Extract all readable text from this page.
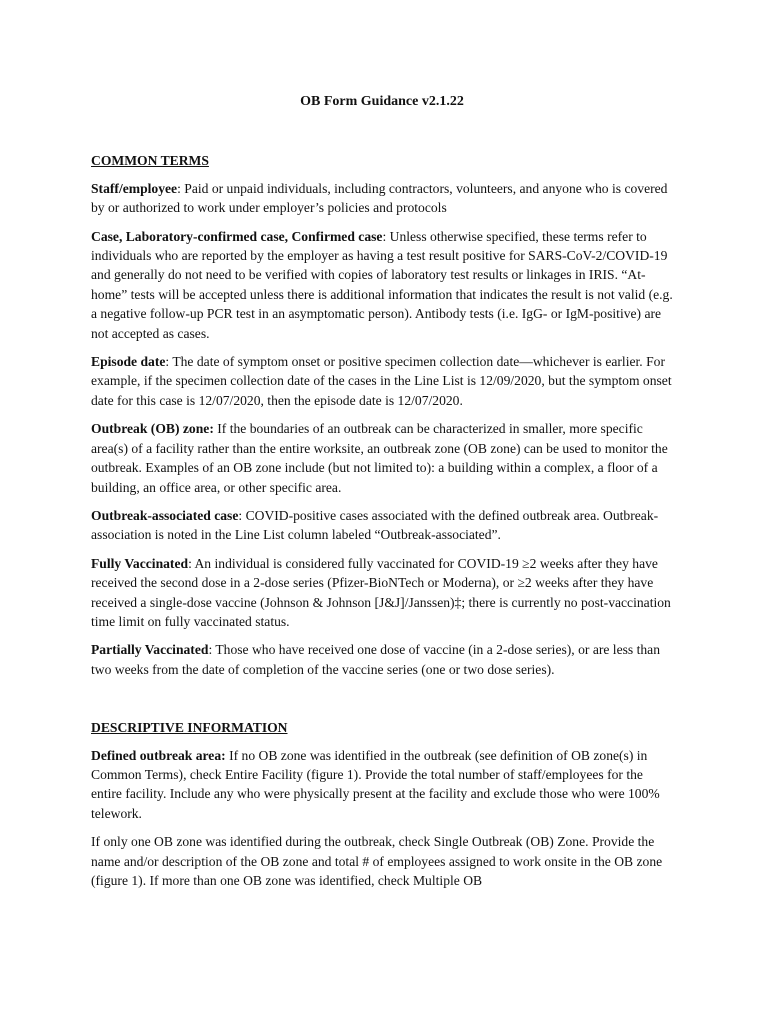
OB Form Guidance v2.1.22
COMMON TERMS

Staff/employee: Paid or unpaid individuals, including contractors, volunteers, and anyone who is covered by or authorized to work under employer’s policies and protocols

Case, Laboratory-confirmed case, Confirmed case: Unless otherwise specified, these terms refer to individuals who are reported by the employer as having a test result positive for SARS-CoV-2/COVID-19 and generally do not need to be verified with copies of laboratory test results or linkages in IRIS. “At-home” tests will be accepted unless there is additional information that indicates the result is not valid (e.g. a negative follow-up PCR test in an asymptomatic person). Antibody tests (i.e. IgG- or IgM-positive) are not accepted as cases.

Episode date: The date of symptom onset or positive specimen collection date—whichever is earlier. For example, if the specimen collection date of the cases in the Line List is 12/09/2020, but the symptom onset date for this case is 12/07/2020, then the episode date is 12/07/2020.

Outbreak (OB) zone: If the boundaries of an outbreak can be characterized in smaller, more specific area(s) of a facility rather than the entire worksite, an outbreak zone (OB zone) can be used to monitor the outbreak. Examples of an OB zone include (but not limited to): a building within a complex, a floor of a building, an office area, or other specific area.

Outbreak-associated case: COVID-positive cases associated with the defined outbreak area. Outbreak-association is noted in the Line List column labeled “Outbreak-associated”.

Fully Vaccinated: An individual is considered fully vaccinated for COVID-19 ≥2 weeks after they have received the second dose in a 2-dose series (Pfizer-BioNTech or Moderna), or ≥2 weeks after they have received a single-dose vaccine (Johnson & Johnson [J&J]/Janssen)‡; there is currently no post-vaccination time limit on fully vaccinated status.

Partially Vaccinated: Those who have received one dose of vaccine (in a 2-dose series), or are less than two weeks from the date of completion of the vaccine series (one or two dose series).

DESCRIPTIVE INFORMATION

Defined outbreak area: If no OB zone was identified in the outbreak (see definition of OB zone(s) in Common Terms), check Entire Facility (figure 1). Provide the total number of staff/employees for the entire facility. Include any who were physically present at the facility and exclude those who were 100% telework.

If only one OB zone was identified during the outbreak, check Single Outbreak (OB) Zone. Provide the name and/or description of the OB zone and total # of employees assigned to work onsite in the OB zone (figure 1). If more than one OB zone was identified, check Multiple OB
